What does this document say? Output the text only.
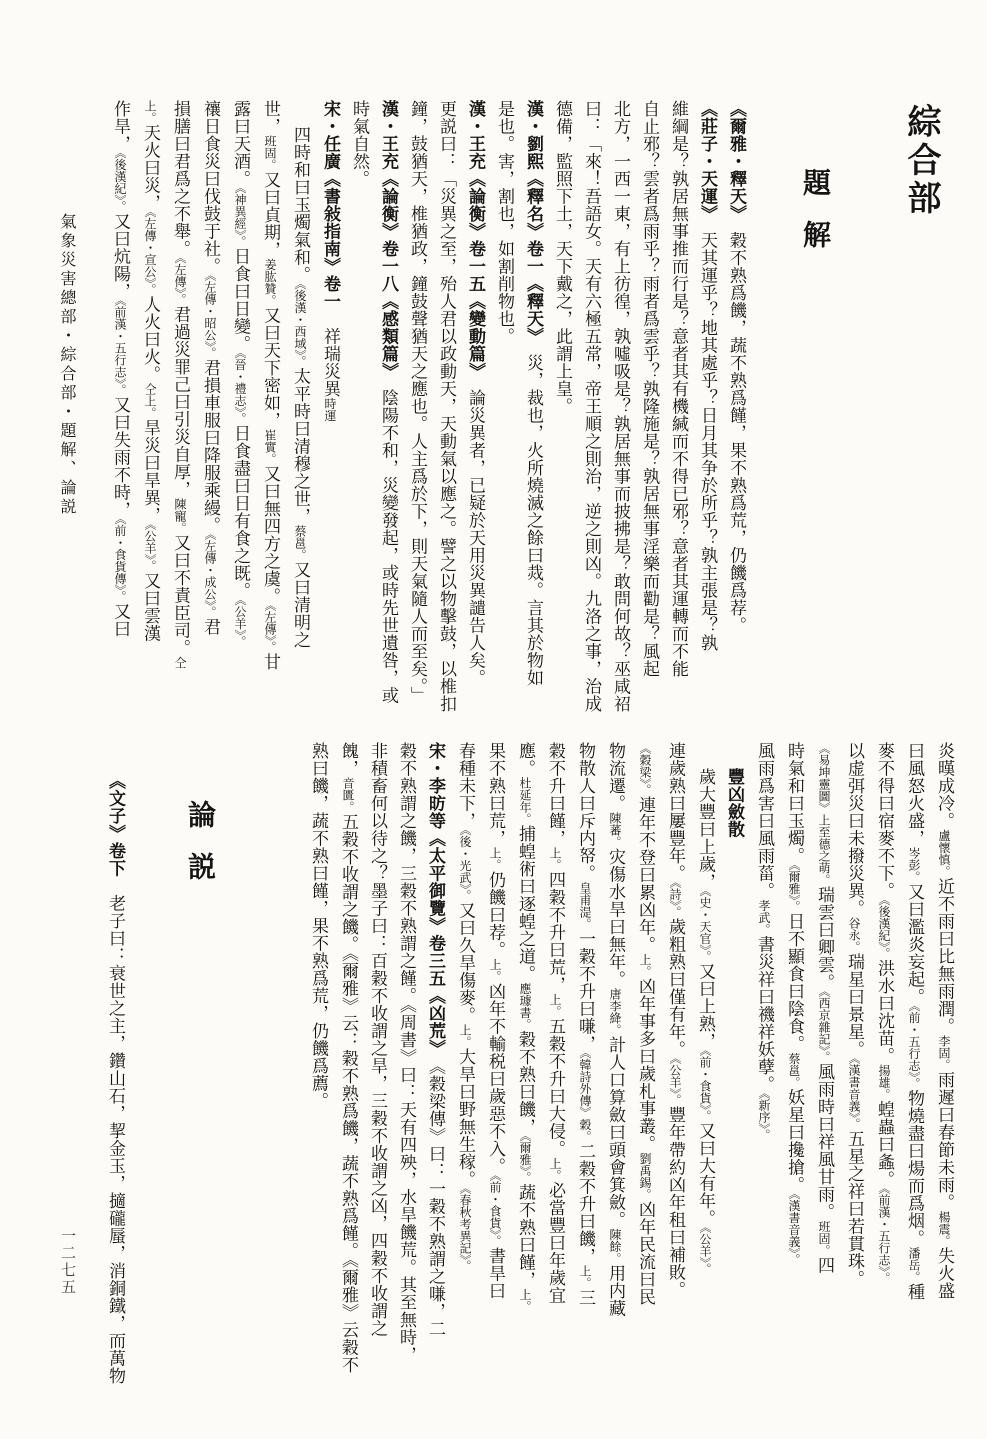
綜合部
題解
《爾雅・釋天》　穀不熟爲饑，蔬不熟爲饉，果不熟爲荒，仍饑爲荐。
《莊子・天運》　天其運乎？地其處乎？日月其争於所乎？孰主張是？孰
維綱是？孰居無事推而行是？意者其有機緘而不得已邪？意者其運轉而不能
自止邪？雲者爲雨乎？雨者爲雲乎？孰隆施是？孰居無事淫樂而勸是？風起
北方，一西一東，有上彷徨，孰噓吸是？孰居無事而披拂是？敢問何故？巫咸祒
曰：「來！吾語女。天有六極五常，帝王順之則治，逆之則凶。九洛之事，治成
德備，監照下土，天下戴之，此謂上皇。
漢・劉熙《釋名》卷一《釋天》　災，裁也，火所燒滅之餘曰烖。言其於物如
是也。害，割也，如割削物也。
漢・王充《論衡》卷一五《變動篇》　論災異者，已疑於天用災異譴告人矣。
更説曰：「災異之至，殆人君以政動天，天動氣以應之。譬之以物擊鼓，以椎扣
鐘，鼓猶天，椎猶政，鐘鼓聲猶天之應也。人主爲於下，則天氣隨人而至矣。」
漢・王充《論衡》卷一八《感類篇》　陰陽不和，災變發起，或時先世遺咎，或
時氣自然。
宋・任廣《書敍指南》卷一　祥瑞災異時運
四時和曰玉燭氣和。《後漢・西域》。太平時曰清穆之世，蔡邕。又曰清明之
世，班固。又曰貞期，姜肱贊。又曰天下密如，崔實。又曰無四方之虞。《左傳》。甘
露曰天酒。《神異經》。日食曰日變。《晉・禮志》。日食盡曰日有食之既。《公羊》。
禳日食災曰伐鼓于社。《左傳・昭公》。君損車服曰降服乘縵。《左傳・成公》。君
損膳曰君爲之不舉。《左傳》。君過災罪己曰引災自厚，陳寵。又曰不責臣司。仝
上。天火曰災，《左傳・宣公》。人火曰火。仝上。旱災曰旱異，《公羊》。又曰雲漢
作旱，《後漢紀》。又曰炕陽，《前漢・五行志》。又曰失雨不時，《前・食貨傳》。又曰
炎暵成冷。盧懷慎。近不雨曰比無雨潤。李固。雨遲曰春節未雨。楊震。失火盛
曰風怒火盛，岑彭。又曰濫炎妄起。《前・五行志》。物燒盡曰煬而爲烟。潘岳。種
麥不得曰宿麥不下。《後漢紀》。洪水曰沈苗。揚雄。蝗蟲曰螽。《前漢・五行志》。
以虚弭災曰未撥災異。谷永。瑞星曰景星。《漢書音義》。五星之祥曰若貫珠。
《易坤靈圖》上至德之萌。瑞雲曰卿雲。《西京雜記》。風雨時曰祥風甘雨。班固。四
時氣和曰玉燭。《爾雅》。日不顯食曰陰食。蔡邕。妖星曰攙搶。《漢書音義》。
風雨爲害曰風雨菑。孝武。書災祥曰禨祥妖孽。《新序》。
豐凶斂散
歲大豐曰上歲，《史・天官》。又曰上熟，《前・食貨》。又曰大有年。《公羊》。
連歲熟曰屢豐年。《詩》。歲粗熟曰僅有年。《公羊》。豐年帶約凶年租曰補敗。
《穀梁》。連年不登曰累凶年。上。凶年事多曰歲札事叢。劉禹錫。凶年民流曰民
物流遷。陳蕃。灾傷水旱曰無年。唐李絳。計人口算斂曰頭會箕斂。陳餘。用内藏
物散人曰斥内帑。皇甫湜。一穀不升曰嗛，《韓詩外傳》穀。二穀不升曰饑，上。三
穀不升曰饉，上。四穀不升曰荒，上。五穀不升曰大侵。上。必當豐曰年歲宜
應。杜延年。捕蝗術曰逐蝗之道。應璩書。穀不熟曰饑，《爾雅》。蔬不熟曰饉，上。
果不熟曰荒，上。仍饑曰荐。上。凶年不輸税曰歲惡不入。《前・食貨》。書旱曰
春種未下，《後・光武》。又曰久旱傷麥。上。大旱曰野無生稼。《春秋考異記》。
宋・李昉等《太平御覽》卷三五《凶荒》　《穀梁傳》曰：一穀不熟謂之嗛，二
穀不熟謂之饑，三穀不熟謂之饉。《周書》曰：天有四殃，水旱饑荒。其至無時，
非積畜何以待之？墨子曰：百穀不收謂之旱，三穀不收謂之凶，四穀不收謂之
餽，音匱。五穀不收謂之饑。《爾雅》云：穀不熟爲饑，蔬不熟爲饉。《爾雅》云穀不
熟曰饑，蔬不熟曰饉，果不熟爲荒，仍饑爲薦。
論説
《文子》卷下　老子曰：衰世之主，鑽山石，挈金玉，擿礲蜃，消銅鐵，而萬物
氣象災害總部・綜合部・題解、論説
一二七五
